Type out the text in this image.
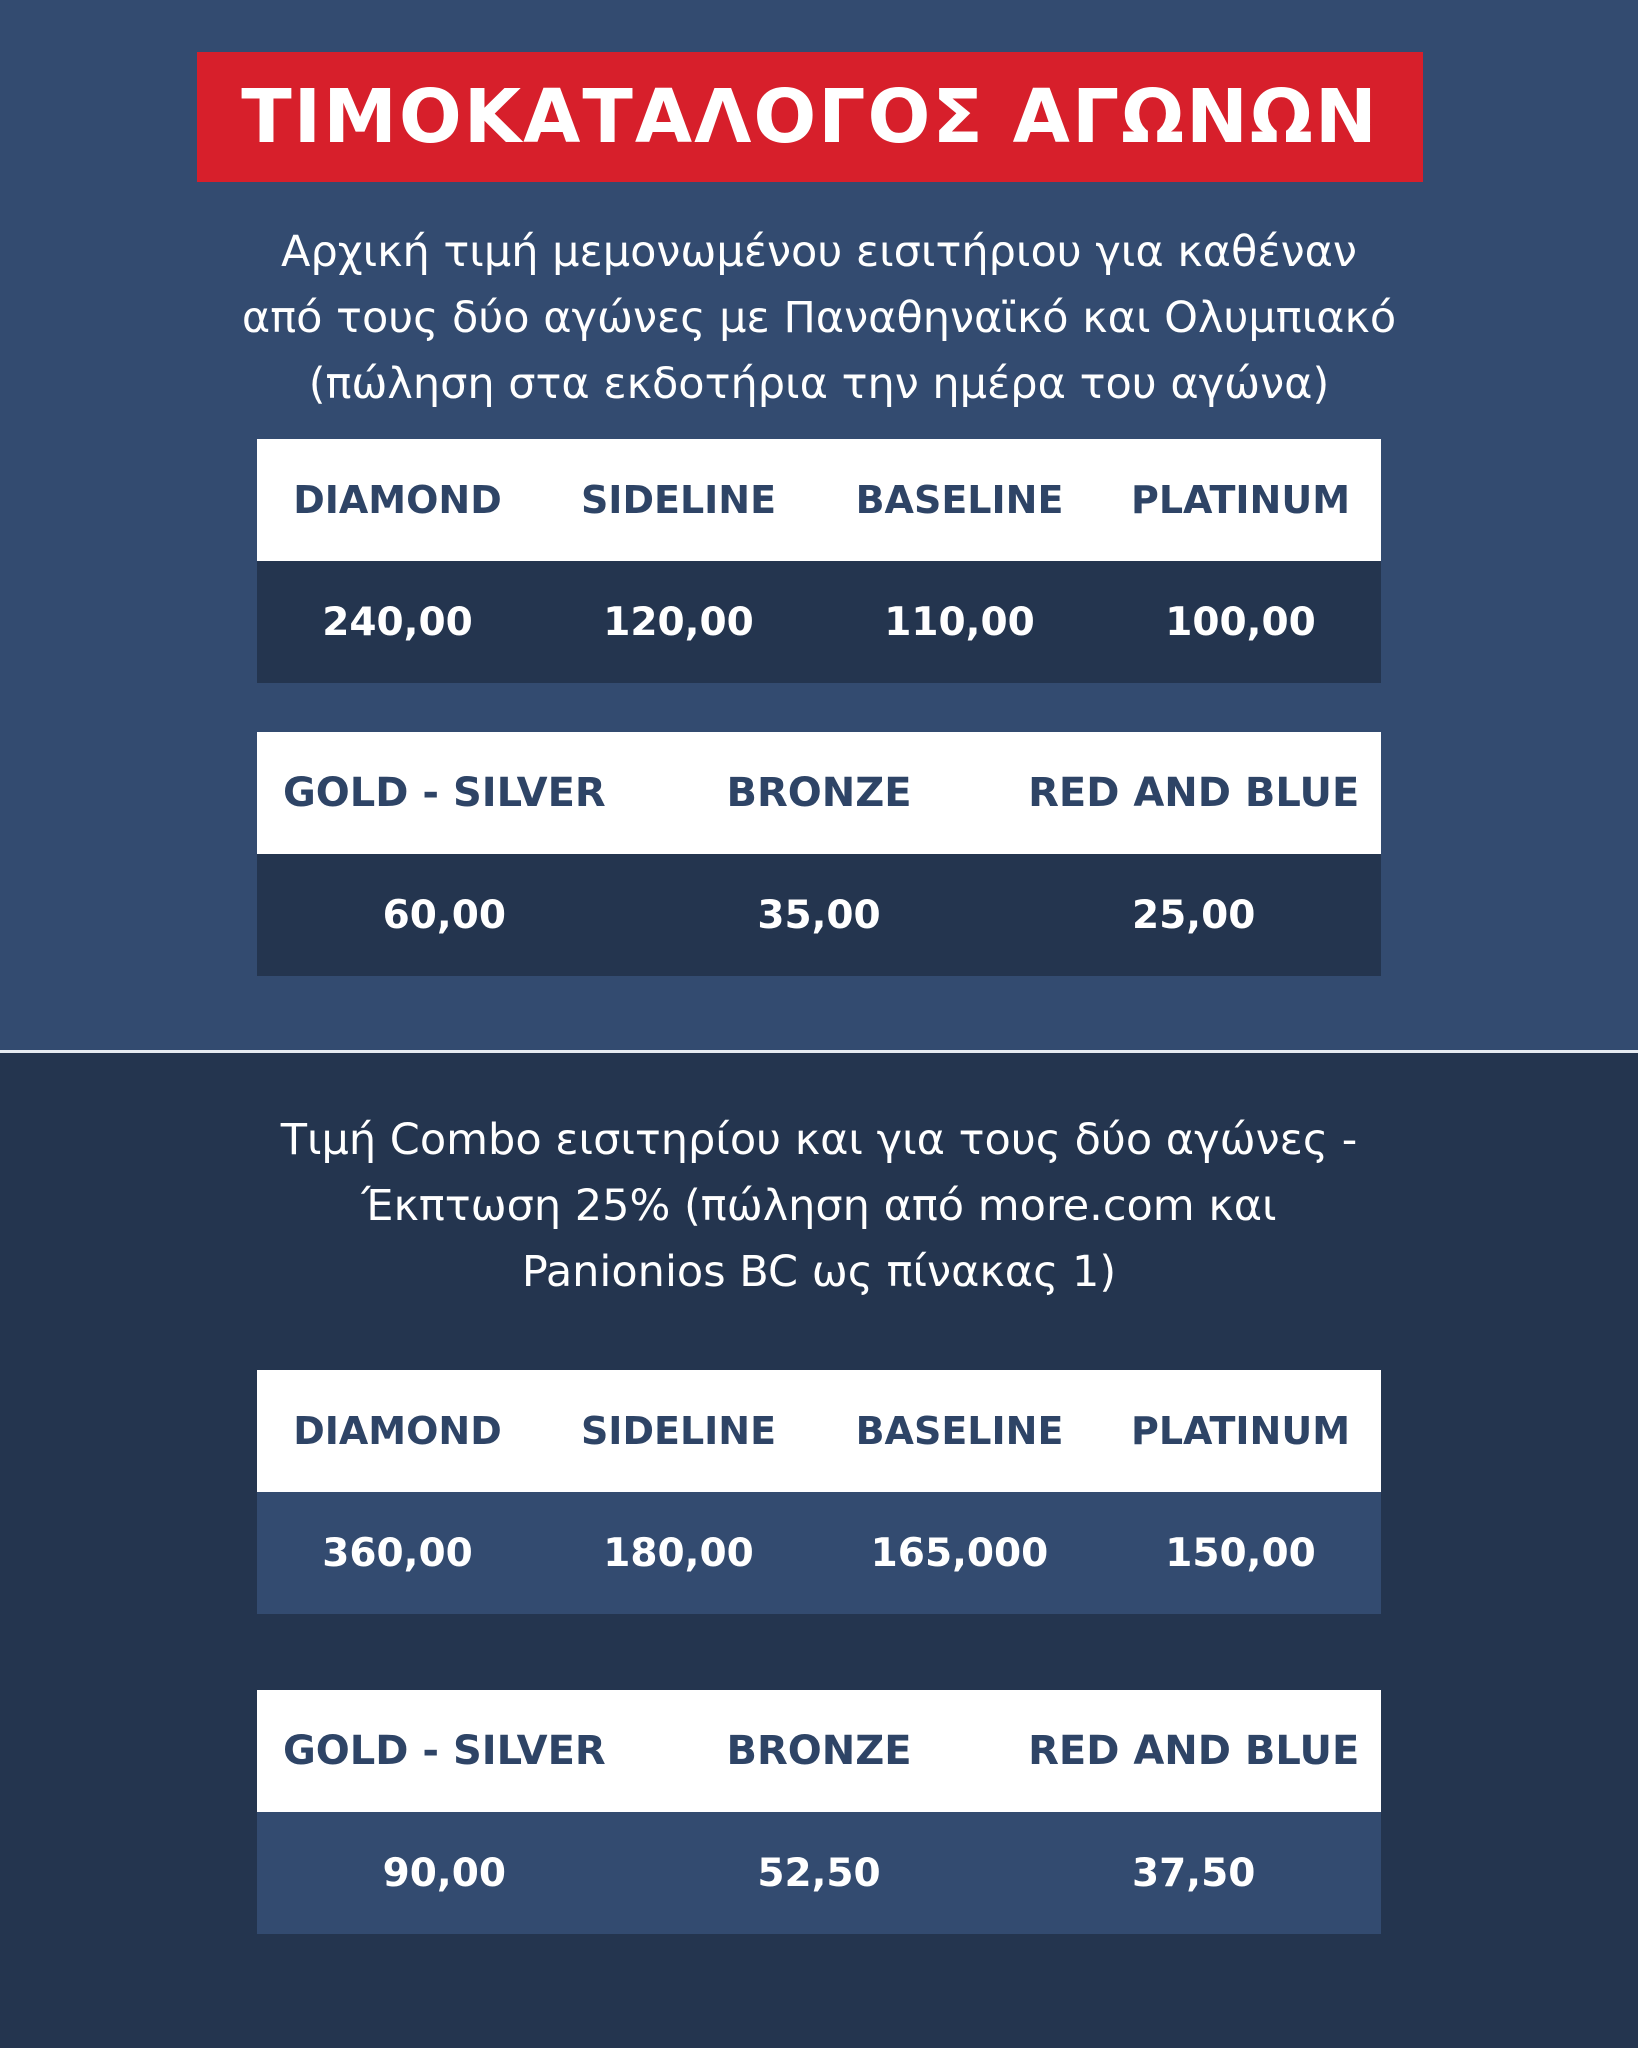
ΤΙΜΟΚΑΤΑΛΟΓΟΣ ΑΓΩΝΩΝ
Αρχική τιμή μεμονωμένου εισιτήριου για καθέναν
από τους δύο αγώνες με Παναθηναϊκό και Ολυμπιακό
(πώληση στα εκδοτήρια την ημέρα του αγώνα)
DIAMOND	SIDELINE	BASELINE	PLATINUM
240,00	120,00	110,00	100,00
GOLD - SILVER	BRONZE	RED AND BLUE
60,00	35,00	25,00
Τιμή Combo εισιτηρίου και για τους δύο αγώνες -
Έκπτωση 25% (πώληση από more.com και
Panionios BC ως πίνακας 1)
DIAMOND	SIDELINE	BASELINE	PLATINUM
360,00	180,00	165,000	150,00
GOLD - SILVER	BRONZE	RED AND BLUE
90,00	52,50	37,50
